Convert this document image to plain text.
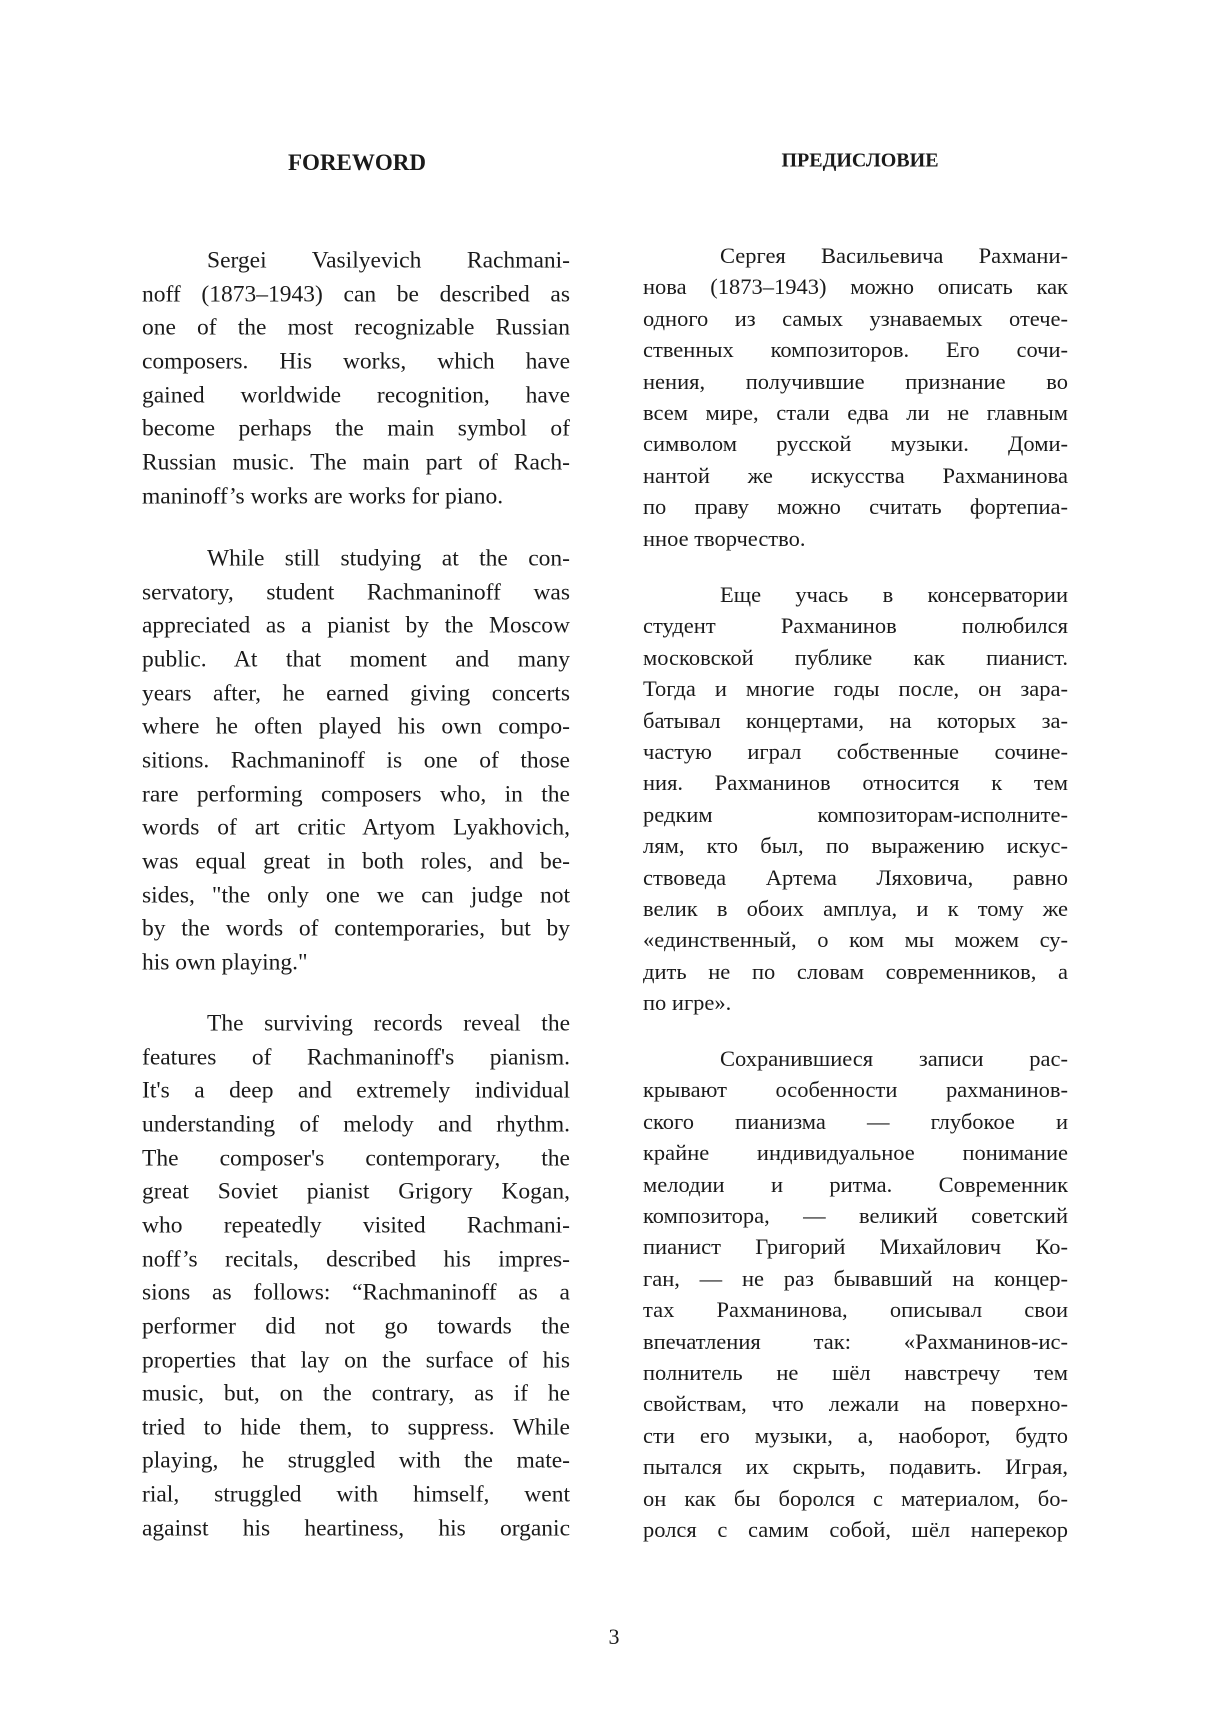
FOREWORD	ПРЕДИСЛОВИЕ
Sergei Vasilyevich Rachmani-
noff (1873–1943) can be described as
one of the most recognizable Russian
composers. His works, which have
gained worldwide recognition, have
become perhaps the main symbol of
Russian music. The main part of Rach-
maninoff’s works are works for piano.
While still studying at the con-
servatory, student Rachmaninoff was
appreciated as a pianist by the Moscow
public. At that moment and many
years after, he earned giving concerts
where he often played his own compo-
sitions. Rachmaninoff is one of those
rare performing composers who, in the
words of art critic Artyom Lyakhovich,
was equal great in both roles, and be-
sides, "the only one we can judge not
by the words of contemporaries, but by
his own playing."
The surviving records reveal the
features of Rachmaninoff's pianism.
It's a deep and extremely individual
understanding of melody and rhythm.
The composer's contemporary, the
great Soviet pianist Grigory Kogan,
who repeatedly visited Rachmani-
noff’s recitals, described his impres-
sions as follows: “Rachmaninoff as a
performer did not go towards the
properties that lay on the surface of his
music, but, on the contrary, as if he
tried to hide them, to suppress. While
playing, he struggled with the mate-
rial, struggled with himself, went
against his heartiness, his organic
Сергея Васильевича Рахмани-
нова (1873–1943) можно описать как
одного из самых узнаваемых отече-
ственных композиторов. Его сочи-
нения, получившие признание во
всем мире, стали едва ли не главным
символом русской музыки. Доми-
нантой же искусства Рахманинова
по праву можно считать фортепиа-
нное творчество.
Еще учась в консерватории
студент Рахманинов полюбился
московской публике как пианист.
Тогда и многие годы после, он зара-
батывал концертами, на которых за-
частую играл собственные сочине-
ния. Рахманинов относится к тем
редким композиторам-исполните-
лям, кто был, по выражению искус-
ствоведа Артема Ляховича, равно
велик в обоих амплуа, и к тому же
«единственный, о ком мы можем су-
дить не по словам современников, а
по игре».
Сохранившиеся записи рас-
крывают особенности рахманинов-
ского пианизма — глубокое и
крайне индивидуальное понимание
мелодии и ритма. Современник
композитора, — великий советский
пианист Григорий Михайлович Ко-
ган, — не раз бывавший на концер-
тах Рахманинова, описывал свои
впечатления так: «Рахманинов-ис-
полнитель не шёл навстречу тем
свойствам, что лежали на поверхно-
сти его музыки, а, наоборот, будто
пытался их скрыть, подавить. Играя,
он как бы боролся с материалом, бо-
ролся с самим собой, шёл наперекор
3
